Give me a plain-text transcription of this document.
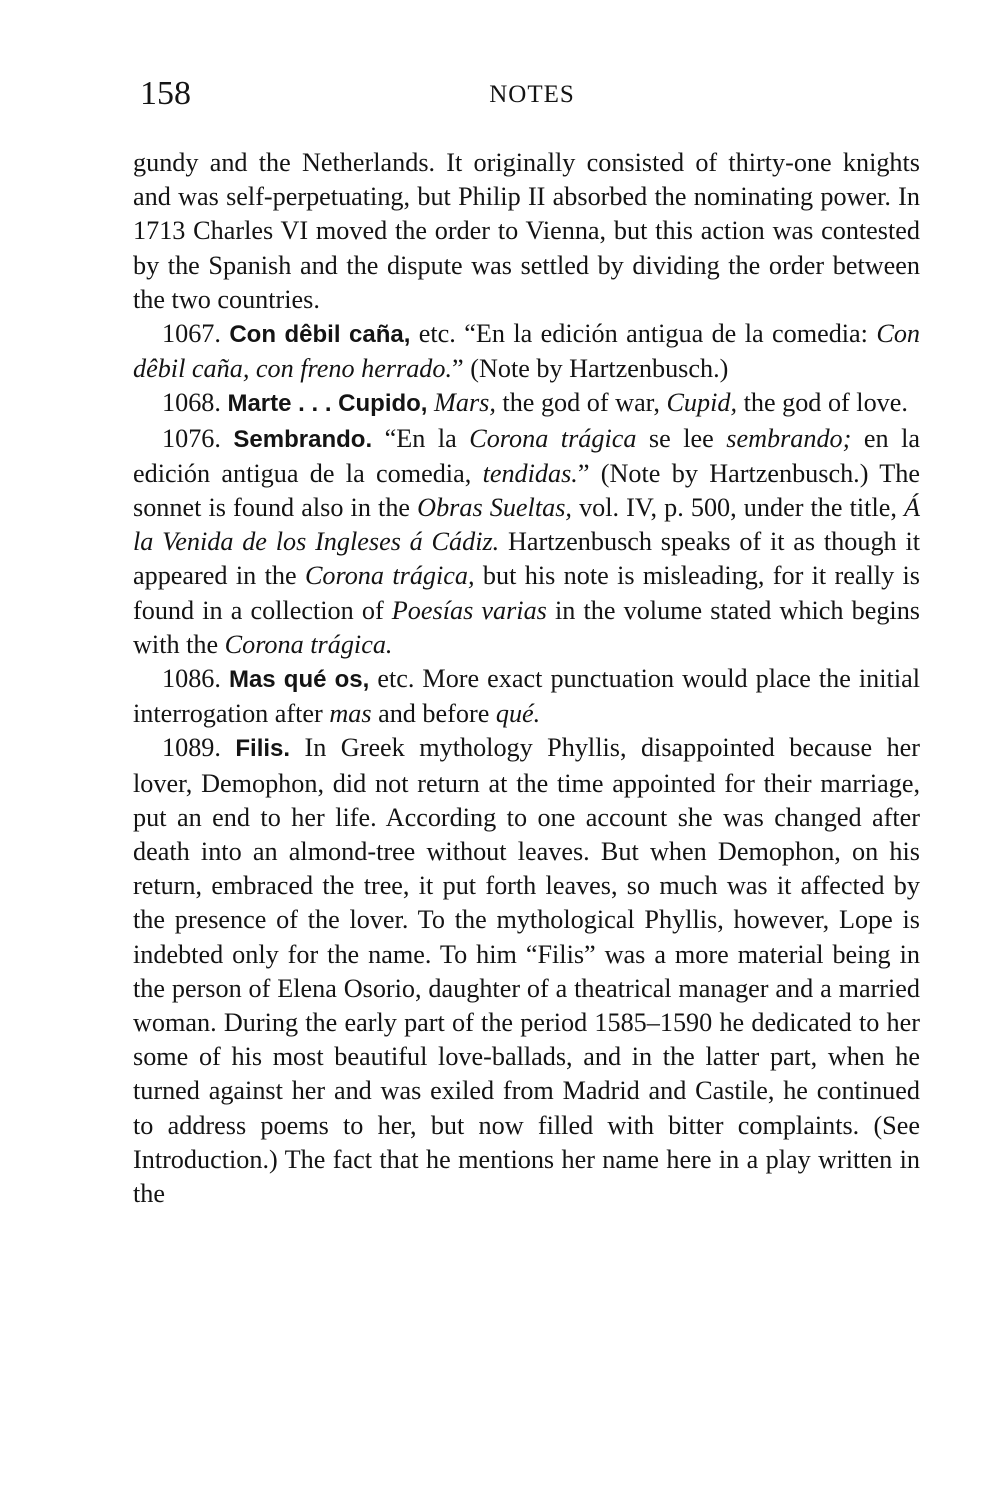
158	NOTES

gundy and the Netherlands. It originally consisted of thirty-one knights and was self-perpetuating, but Philip II absorbed the nominating power. In 1713 Charles VI moved the order to Vienna, but this action was contested by the Spanish and the dispute was settled by dividing the order between the two countries.

1067. Con dêbil caña, etc. “En la edición antigua de la comedia: Con dêbil caña, con freno herrado.” (Note by Hartzenbusch.)

1068. Marte . . . Cupido, Mars, the god of war, Cupid, the god of love.

1076. Sembrando. “En la Corona trágica se lee sembrando; en la edición antigua de la comedia, tendidas.” (Note by Hartzenbusch.) The sonnet is found also in the Obras Sueltas, vol. IV, p. 500, under the title, Á la Venida de los Ingleses á Cádiz. Hartzenbusch speaks of it as though it appeared in the Corona trágica, but his note is misleading, for it really is found in a collection of Poesías varias in the volume stated which begins with the Corona trágica.

1086. Mas qué os, etc. More exact punctuation would place the initial interrogation after mas and before qué.

1089. Filis. In Greek mythology Phyllis, disappointed because her lover, Demophon, did not return at the time appointed for their marriage, put an end to her life. According to one account she was changed after death into an almond-tree without leaves. But when Demophon, on his return, embraced the tree, it put forth leaves, so much was it affected by the presence of the lover. To the mythological Phyllis, however, Lope is indebted only for the name. To him “Filis” was a more material being in the person of Elena Osorio, daughter of a theatrical manager and a married woman. During the early part of the period 1585–1590 he dedicated to her some of his most beautiful love-ballads, and in the latter part, when he turned against her and was exiled from Madrid and Castile, he continued to address poems to her, but now filled with bitter complaints. (See Introduction.) The fact that he mentions her name here in a play written in the
